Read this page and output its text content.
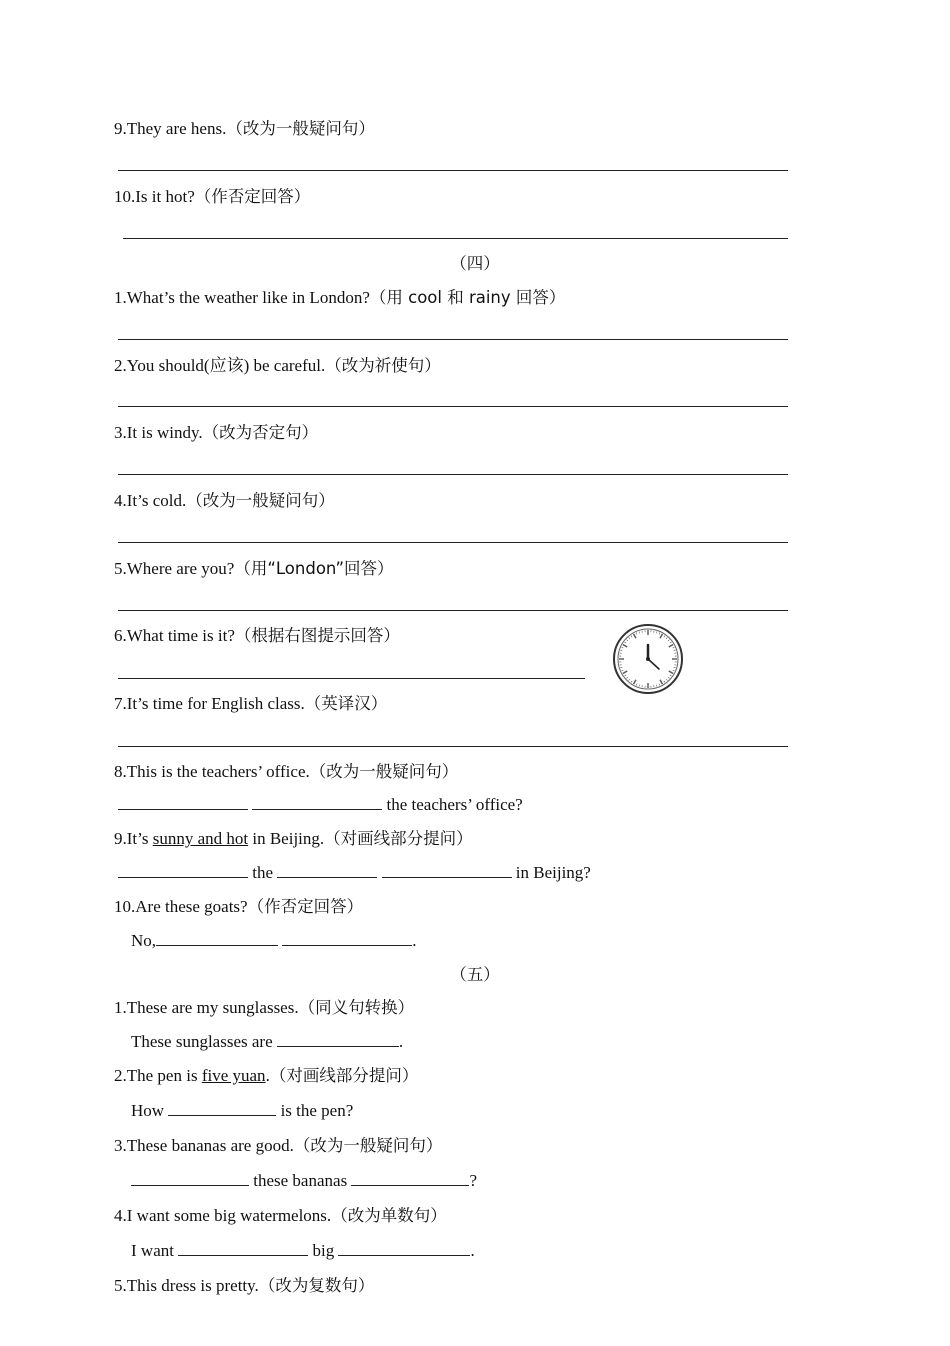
9.They are hens.（改为一般疑问句）
10.Is it hot?（作否定回答）
（四）
1.What’s the weather like in London?（用 cool 和 rainy 回答）
2.You should(应该) be careful.（改为祈使句）
3.It is windy.（改为否定句）
4.It’s cold.（改为一般疑问句）
5.Where are you?（用“London”回答）
6.What time is it?（根据右图提示回答）
7.It’s time for English class.（英译汉）
8.This is the teachers’ office.（改为一般疑问句）
the teachers’ office?
9.It’s sunny and hot in Beijing.（对画线部分提问）
the	in Beijing?
10.Are these goats?（作否定回答）
No,	.
（五）
1.These are my sunglasses.（同义句转换）
These sunglasses are	.
2.The pen is five yuan.（对画线部分提问）
How	is the pen?
3.These bananas are good.（改为一般疑问句）
these bananas	?
4.I want some big watermelons.（改为单数句）
I want	big	.
5.This dress is pretty.（改为复数句）
